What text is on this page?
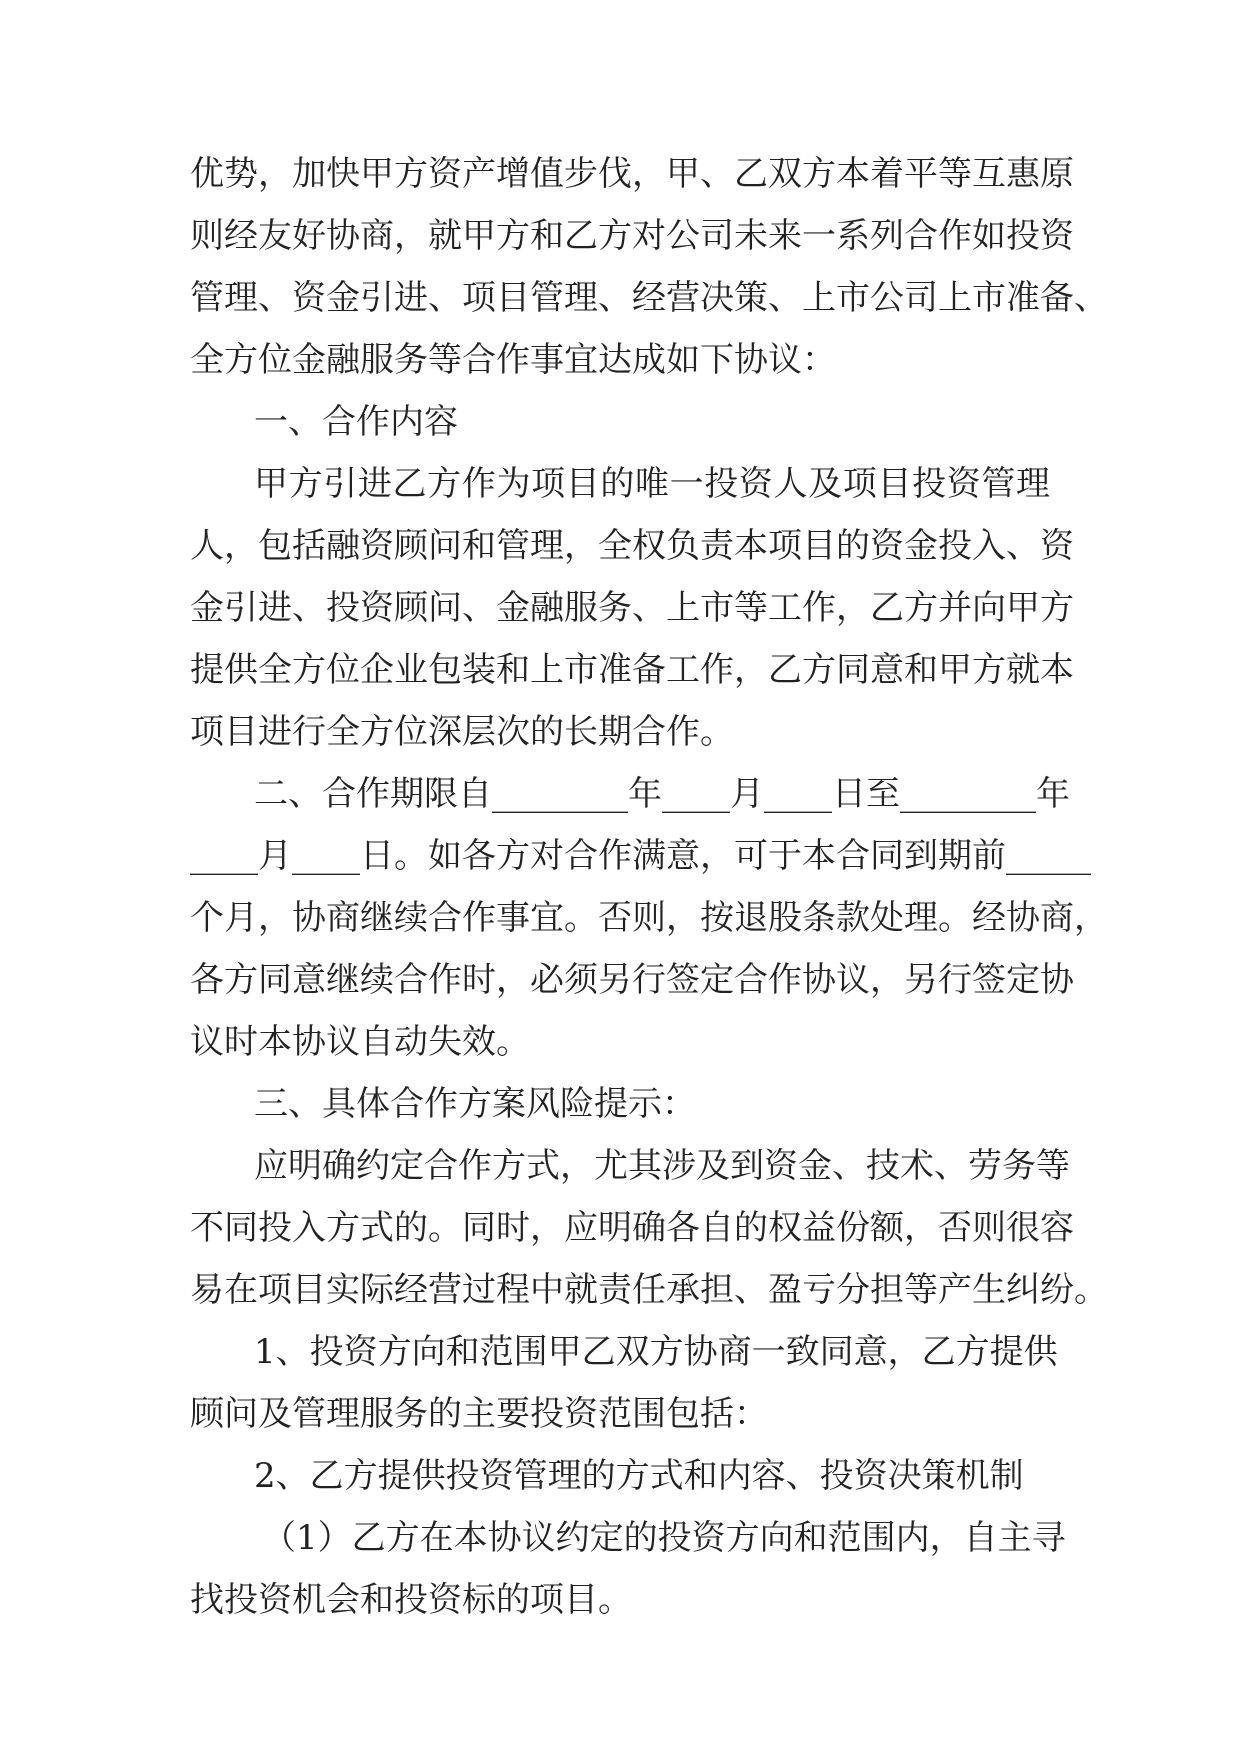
优势，加快甲方资产增值步伐，甲、乙双方本着平等互惠原
则经友好协商，就甲方和乙方对公司未来一系列合作如投资
管理、资金引进、项目管理、经营决策、上市公司上市准备、
全方位金融服务等合作事宜达成如下协议：
一、合作内容
甲方引进乙方作为项目的唯一投资人及项目投资管理
人，包括融资顾问和管理，全权负责本项目的资金投入、资
金引进、投资顾问、金融服务、上市等工作，乙方并向甲方
提供全方位企业包装和上市准备工作，乙方同意和甲方就本
项目进行全方位深层次的长期合作。
二、合作期限自________年____月____日至________年
____月____日。如各方对合作满意，可于本合同到期前_____
个月，协商继续合作事宜。否则，按退股条款处理。经协商，
各方同意继续合作时，必须另行签定合作协议，另行签定协
议时本协议自动失效。
三、具体合作方案风险提示：
应明确约定合作方式，尤其涉及到资金、技术、劳务等
不同投入方式的。同时，应明确各自的权益份额，否则很容
易在项目实际经营过程中就责任承担、盈亏分担等产生纠纷。
1、投资方向和范围甲乙双方协商一致同意，乙方提供
顾问及管理服务的主要投资范围包括：
2、乙方提供投资管理的方式和内容、投资决策机制
（1）乙方在本协议约定的投资方向和范围内，自主寻
找投资机会和投资标的项目。
